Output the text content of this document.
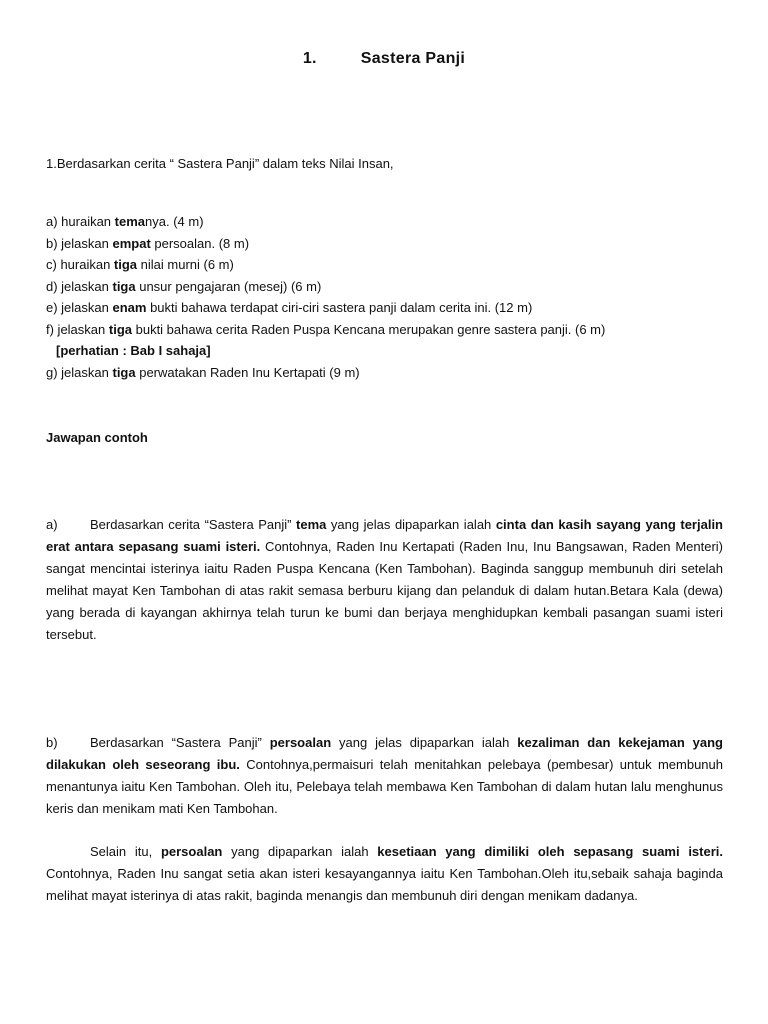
1.	Sastera Panji
1.Berdasarkan cerita “ Sastera Panji” dalam teks Nilai Insan,
a) huraikan temanya. (4 m)
b) jelaskan empat persoalan. (8 m)
c) huraikan tiga nilai murni (6 m)
d) jelaskan tiga unsur pengajaran (mesej) (6 m)
e) jelaskan enam bukti bahawa terdapat ciri-ciri sastera panji dalam cerita ini. (12 m)
f) jelaskan tiga bukti bahawa cerita Raden Puspa Kencana merupakan genre sastera panji. (6 m)
[perhatian : Bab I sahaja]
g) jelaskan tiga perwatakan Raden Inu Kertapati (9 m)
Jawapan contoh
a) Berdasarkan cerita “Sastera Panji” tema yang jelas dipaparkan ialah cinta dan kasih sayang yang terjalin erat antara sepasang suami isteri. Contohnya, Raden Inu Kertapati (Raden Inu, Inu Bangsawan, Raden Menteri) sangat mencintai isterinya iaitu Raden Puspa Kencana (Ken Tambohan). Baginda sanggup membunuh diri setelah melihat mayat Ken Tambohan di atas rakit semasa berburu kijang dan pelanduk di dalam hutan.Betara Kala (dewa) yang berada di kayangan akhirnya telah turun ke bumi dan berjaya menghidupkan kembali pasangan suami isteri tersebut.
b) Berdasarkan “Sastera Panji” persoalan yang jelas dipaparkan ialah kezaliman dan kekejaman yang dilakukan oleh seseorang ibu. Contohnya,permaisuri telah menitahkan pelebaya (pembesar) untuk membunuh menantunya iaitu Ken Tambohan. Oleh itu, Pelebaya telah membawa Ken Tambohan di dalam hutan lalu menghunus keris dan menikam mati Ken Tambohan.
Selain itu, persoalan yang dipaparkan ialah kesetiaan yang dimiliki oleh sepasang suami isteri. Contohnya, Raden Inu sangat setia akan isteri kesayangannya iaitu Ken Tambohan.Oleh itu,sebaik sahaja baginda melihat mayat isterinya di atas rakit, baginda menangis dan membunuh diri dengan menikam dadanya.
